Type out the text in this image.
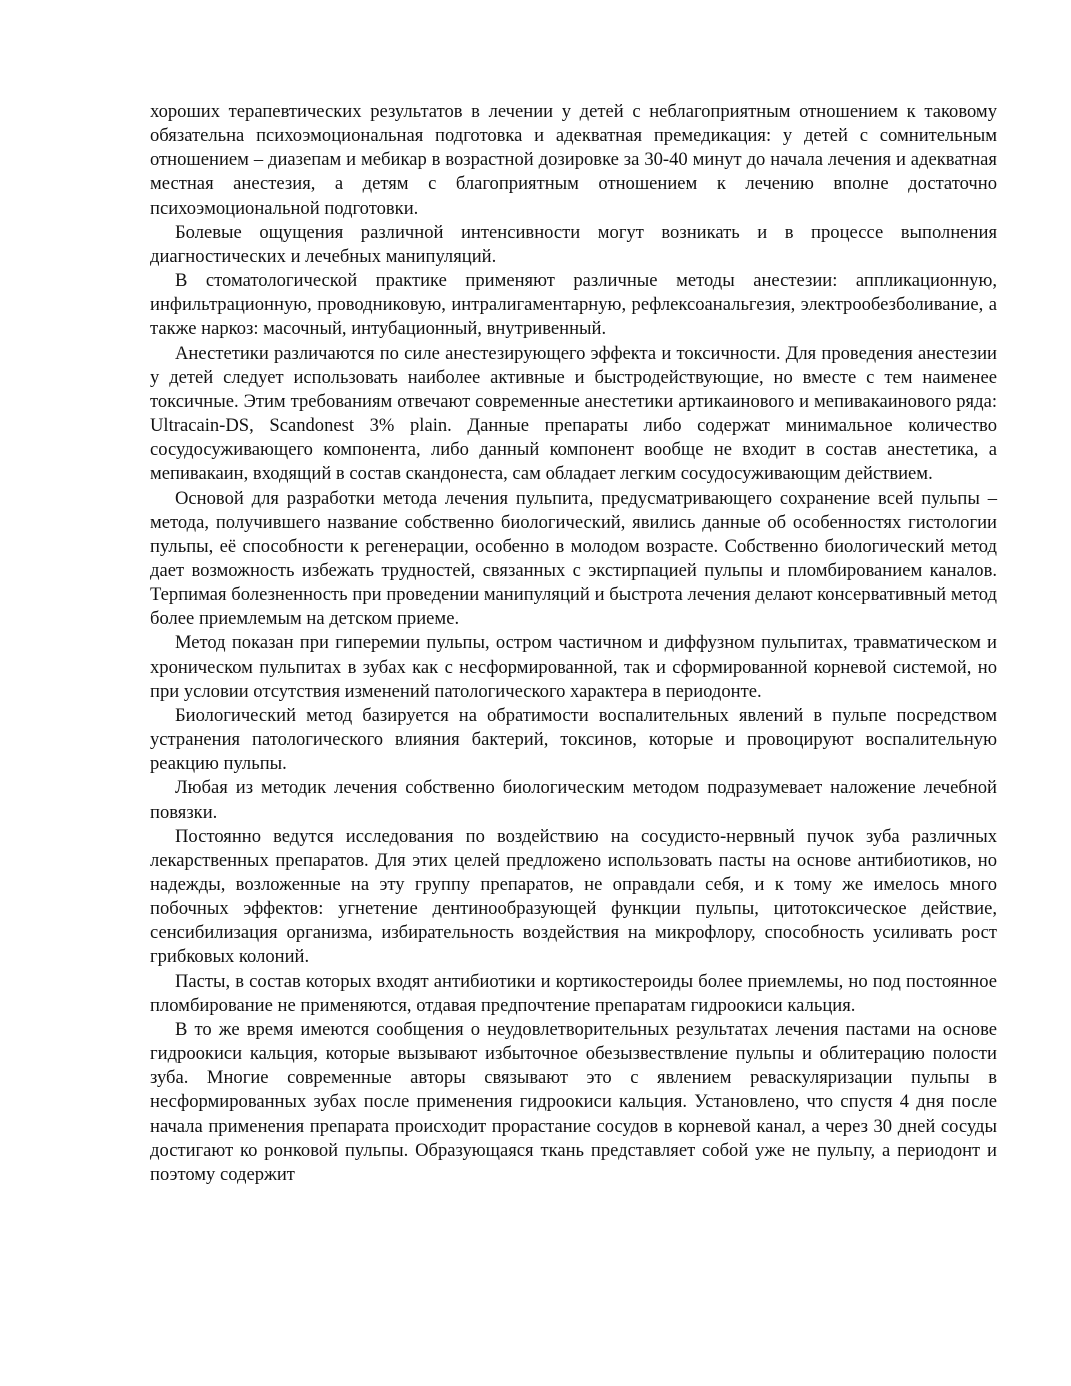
хороших терапевтических результатов в лечении у детей с неблагоприятным отношением к таковому обязательна психоэмоциональная подготовка и адекватная премедикация: у детей с сомнительным отношением – диазепам и мебикар в возрастной дозировке за 30-40 минут до начала лечения и адекватная местная анестезия, а детям с благоприятным отношением к лечению вполне достаточно психоэмоциональной подготовки.

Болевые ощущения различной интенсивности могут возникать и в процессе выполнения диагностических и лечебных манипуляций.

В стоматологической практике применяют различные методы анестезии: аппликационную, инфильтрационную, проводниковую, интралигаментарную, рефлексоанальгезия, электрообезболивание, а также наркоз: масочный, интубационный, внутривенный.

Анестетики различаются по силе анестезирующего эффекта и токсичности. Для проведения анестезии у детей следует использовать наиболее активные и быстродействующие, но вместе с тем наименее токсичные. Этим требованиям отвечают современные анестетики артикаинового и мепивакаинового ряда: Ultracain-DS, Scandonest 3% plain. Данные препараты либо содержат минимальное количество сосудосуживающего компонента, либо данный компонент вообще не входит в состав анестетика, а мепивакаин, входящий в состав скандонеста, сам обладает легким сосудосуживающим действием.

Основой для разработки метода лечения пульпита, предусматривающего сохранение всей пульпы – метода, получившего название собственно биологический, явились данные об особенностях гистологии пульпы, её способности к регенерации, особенно в молодом возрасте. Собственно биологический метод дает возможность избежать трудностей, связанных с экстирпацией пульпы и пломбированием каналов. Терпимая болезненность при проведении манипуляций и быстрота лечения делают консервативный метод более приемлемым на детском приеме.

Метод показан при гиперемии пульпы, остром частичном и диффузном пульпитах, травматическом и хроническом пульпитах в зубах как с несформированной, так и сформированной корневой системой, но при условии отсутствия изменений патологического характера в периодонте.

Биологический метод базируется на обратимости воспалительных явлений в пульпе посредством устранения патологического влияния бактерий, токсинов, которые и провоцируют воспалительную реакцию пульпы.

Любая из методик лечения собственно биологическим методом подразумевает наложение лечебной повязки.

Постоянно ведутся исследования по воздействию на сосудисто-нервный пучок зуба различных лекарственных препаратов. Для этих целей предложено использовать пасты на основе антибиотиков, но надежды, возложенные на эту группу препаратов, не оправдали себя, и к тому же имелось много побочных эффектов: угнетение дентинообразующей функции пульпы, цитотоксическое действие, сенсибилизация организма, избирательность воздействия на микрофлору, способность усиливать рост грибковых колоний.

Пасты, в состав которых входят антибиотики и кортикостероиды более приемлемы, но под постоянное пломбирование не применяются, отдавая предпочтение препаратам гидроокиси кальция.

В то же время имеются сообщения о неудовлетворительных результатах лечения пастами на основе гидроокиси кальция, которые вызывают избыточное обезызвествление пульпы и облитерацию полости зуба. Многие современные авторы связывают это с явлением реваскуляризации пульпы в несформированных зубах после применения гидроокиси кальция. Установлено, что спустя 4 дня после начала применения препарата происходит прорастание сосудов в корневой канал, а через 30 дней сосуды достигают ко ронковой пульпы. Образующаяся ткань представляет собой уже не пульпу, а периодонт и поэтому содержит
